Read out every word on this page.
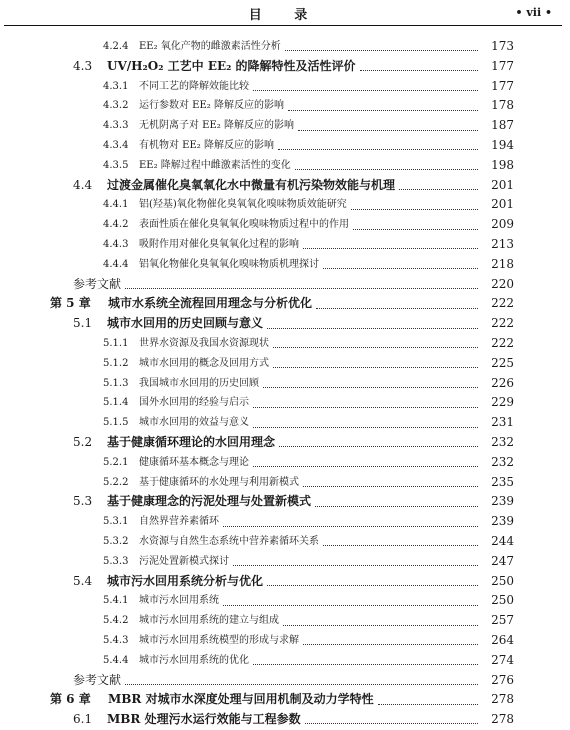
目 录	• vii •
4.2.4	EE₂ 氧化产物的雌激素活性分析	173
4.3	UV/H₂O₂ 工艺中 EE₂ 的降解特性及活性评价	177
4.3.1	不同工艺的降解效能比较	177
4.3.2	运行参数对 EE₂ 降解反应的影响	178
4.3.3	无机阴离子对 EE₂ 降解反应的影响	187
4.3.4	有机物对 EE₂ 降解反应的影响	194
4.3.5	EE₂ 降解过程中雌激素活性的变化	198
4.4	过渡金属催化臭氧氧化水中微量有机污染物效能与机理	201
4.4.1	铝(羟基)氧化物催化臭氧氧化嗅味物质效能研究	201
4.4.2	表面性质在催化臭氧氧化嗅味物质过程中的作用	209
4.4.3	吸附作用对催化臭氧氧化过程的影响	213
4.4.4	铝氧化物催化臭氧氧化嗅味物质机理探讨	218
参考文献	220
第 5 章	城市水系统全流程回用理念与分析优化	222
5.1	城市水回用的历史回顾与意义	222
5.1.1	世界水资源及我国水资源现状	222
5.1.2	城市水回用的概念及回用方式	225
5.1.3	我国城市水回用的历史回顾	226
5.1.4	国外水回用的经验与启示	229
5.1.5	城市水回用的效益与意义	231
5.2	基于健康循环理论的水回用理念	232
5.2.1	健康循环基本概念与理论	232
5.2.2	基于健康循环的水处理与利用新模式	235
5.3	基于健康理念的污泥处理与处置新模式	239
5.3.1	自然界营养素循环	239
5.3.2	水资源与自然生态系统中营养素循环关系	244
5.3.3	污泥处置新模式探讨	247
5.4	城市污水回用系统分析与优化	250
5.4.1	城市污水回用系统	250
5.4.2	城市污水回用系统的建立与组成	257
5.4.3	城市污水回用系统模型的形成与求解	264
5.4.4	城市污水回用系统的优化	274
参考文献	276
第 6 章	MBR 对城市水深度处理与回用机制及动力学特性	278
6.1	MBR 处理污水运行效能与工程参数	278
